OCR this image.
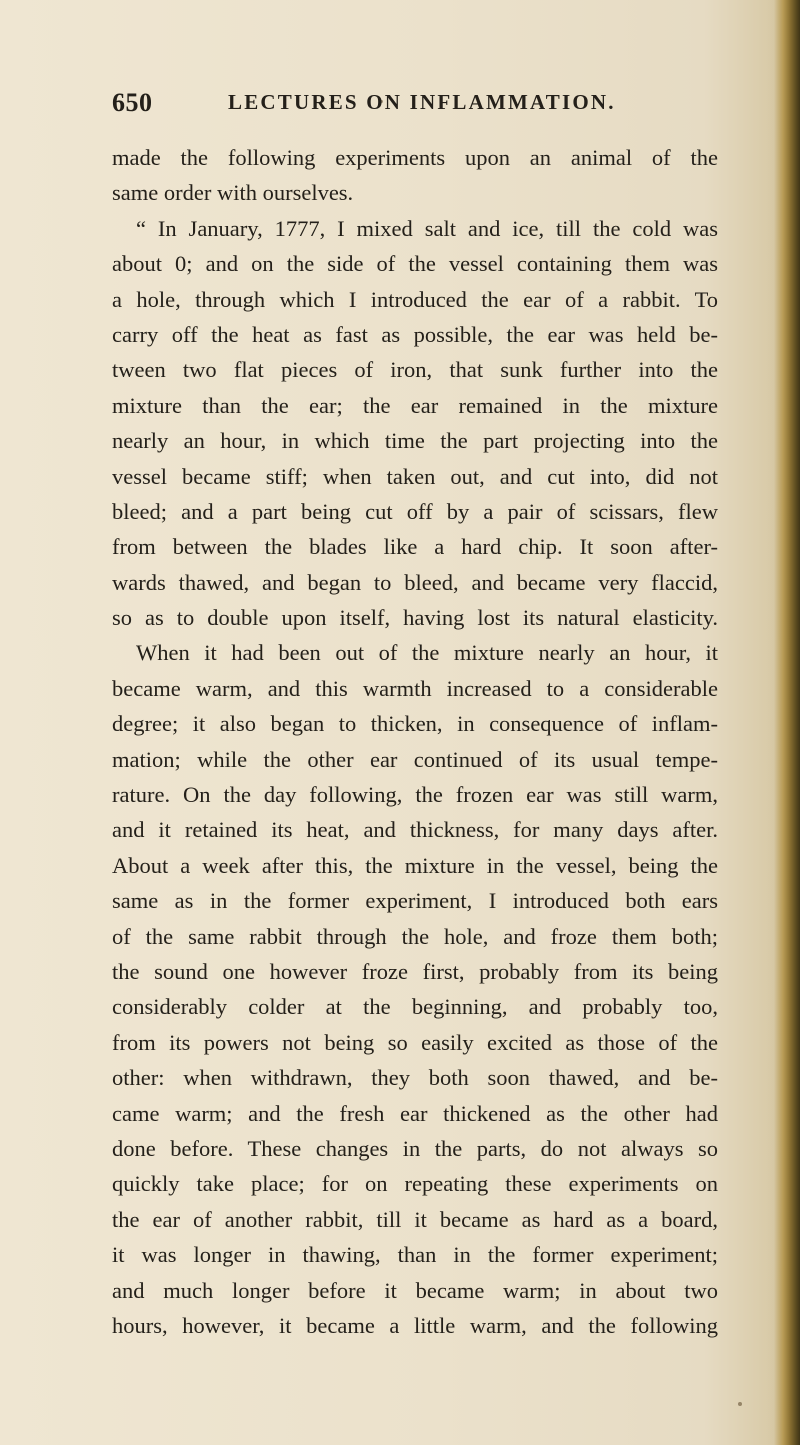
650	LECTURES ON INFLAMMATION.
made the following experiments upon an animal of the
same order with ourselves.
“ In January, 1777, I mixed salt and ice, till the cold was
about 0; and on the side of the vessel containing them was
a hole, through which I introduced the ear of a rabbit. To
carry off the heat as fast as possible, the ear was held be-
tween two flat pieces of iron, that sunk further into the
mixture than the ear; the ear remained in the mixture
nearly an hour, in which time the part projecting into the
vessel became stiff; when taken out, and cut into, did not
bleed; and a part being cut off by a pair of scissars, flew
from between the blades like a hard chip. It soon after-
wards thawed, and began to bleed, and became very flaccid,
so as to double upon itself, having lost its natural elasticity.
When it had been out of the mixture nearly an hour, it
became warm, and this warmth increased to a considerable
degree; it also began to thicken, in consequence of inflam-
mation; while the other ear continued of its usual tempe-
rature. On the day following, the frozen ear was still warm,
and it retained its heat, and thickness, for many days after.
About a week after this, the mixture in the vessel, being the
same as in the former experiment, I introduced both ears
of the same rabbit through the hole, and froze them both;
the sound one however froze first, probably from its being
considerably colder at the beginning, and probably too,
from its powers not being so easily excited as those of the
other: when withdrawn, they both soon thawed, and be-
came warm; and the fresh ear thickened as the other had
done before. These changes in the parts, do not always so
quickly take place; for on repeating these experiments on
the ear of another rabbit, till it became as hard as a board,
it was longer in thawing, than in the former experiment;
and much longer before it became warm; in about two
hours, however, it became a little warm, and the following
